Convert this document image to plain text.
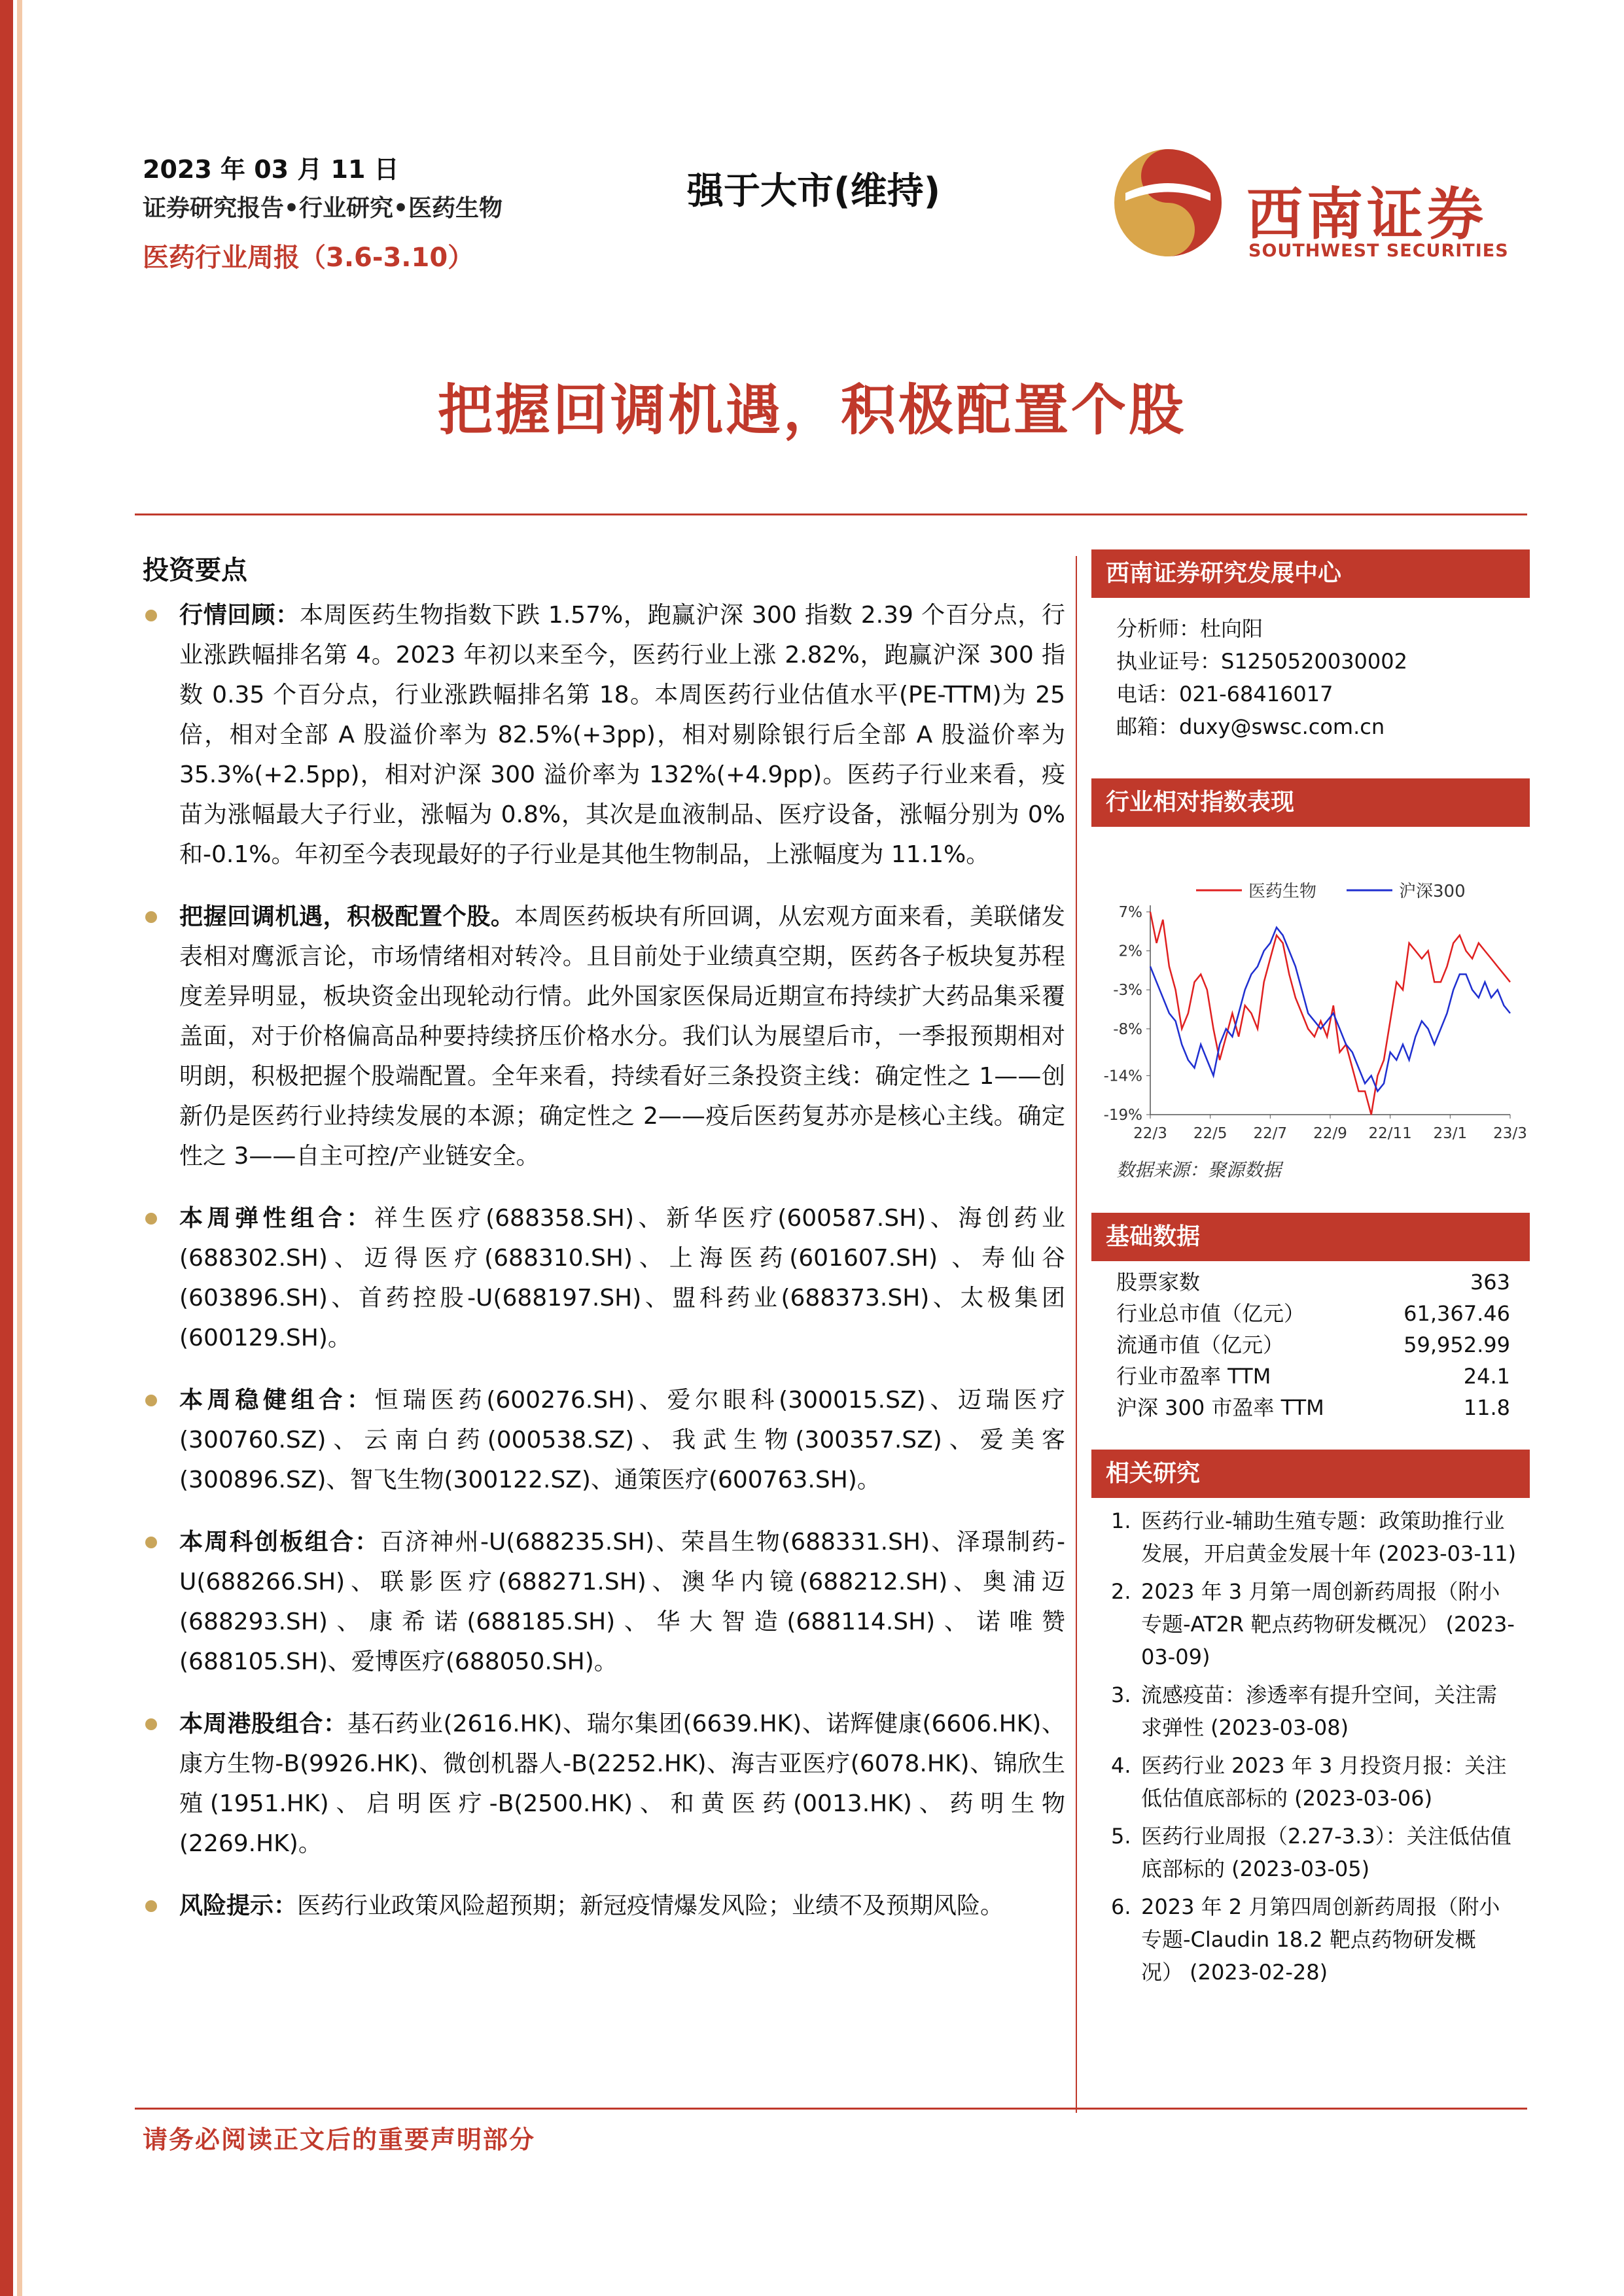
2023 年 03 月 11 日
证券研究报告•行业研究•医药生物
医药行业周报（3.6-3.10）
强于大市(维持)	西南证券
SOUTHWEST SECURITIES
把握回调机遇，积极配置个股
投资要点
行情回顾：本周医药生物指数下跌 1.57%，跑赢沪深 300 指数 2.39 个百分点，行业涨跌幅排名第 4。2023 年初以来至今，医药行业上涨 2.82%，跑赢沪深 300 指数 0.35 个百分点，行业涨跌幅排名第 18。本周医药行业估值水平(PE-TTM)为 25 倍，相对全部 A 股溢价率为 82.5%(+3pp)，相对剔除银行后全部 A 股溢价率为 35.3%(+2.5pp)，相对沪深 300 溢价率为 132%(+4.9pp)。医药子行业来看，疫苗为涨幅最大子行业，涨幅为 0.8%，其次是血液制品、医疗设备，涨幅分别为 0%和-0.1%。年初至今表现最好的子行业是其他生物制品，上涨幅度为 11.1%。
把握回调机遇，积极配置个股。本周医药板块有所回调，从宏观方面来看，美联储发表相对鹰派言论，市场情绪相对转冷。且目前处于业绩真空期，医药各子板块复苏程度差异明显，板块资金出现轮动行情。此外国家医保局近期宣布持续扩大药品集采覆盖面，对于价格偏高品种要持续挤压价格水分。我们认为展望后市，一季报预期相对明朗，积极把握个股端配置。全年来看，持续看好三条投资主线：确定性之 1——创新仍是医药行业持续发展的本源；确定性之 2——疫后医药复苏亦是核心主线。确定性之 3——自主可控/产业链安全。
本周弹性组合：祥生医疗(688358.SH)、新华医疗(600587.SH)、海创药业(688302.SH)、迈得医疗(688310.SH)、上海医药(601607.SH) 、寿仙谷(603896.SH)、首药控股-U(688197.SH)、盟科药业(688373.SH)、太极集团(600129.SH)。
本周稳健组合：恒瑞医药(600276.SH)、爱尔眼科(300015.SZ)、迈瑞医疗(300760.SZ)、云南白药(000538.SZ)、我武生物(300357.SZ)、爱美客(300896.SZ)、智飞生物(300122.SZ)、通策医疗(600763.SH)。
本周科创板组合：百济神州-U(688235.SH)、荣昌生物(688331.SH)、泽璟制药-U(688266.SH)、联影医疗(688271.SH)、澳华内镜(688212.SH)、奥浦迈(688293.SH)、康希诺(688185.SH)、华大智造(688114.SH)、诺唯赞(688105.SH)、爱博医疗(688050.SH)。
本周港股组合：基石药业(2616.HK)、瑞尔集团(6639.HK)、诺辉健康(6606.HK)、康方生物-B(9926.HK)、微创机器人-B(2252.HK)、海吉亚医疗(6078.HK)、锦欣生殖(1951.HK)、启明医疗-B(2500.HK)、和黄医药(0013.HK)、药明生物(2269.HK)。
风险提示：医药行业政策风险超预期；新冠疫情爆发风险；业绩不及预期风险。
西南证券研究发展中心
分析师：杜向阳
执业证号：S1250520030002
电话：021-68416017
邮箱：duxy@swsc.com.cn
行业相对指数表现
医药生物	沪深300
7%
2%
-3%
-8%
-14%
-19%
22/3 22/5 22/7 22/9 22/11 23/1 23/3
数据来源：聚源数据
基础数据
股票家数	363
行业总市值（亿元）	61,367.46
流通市值（亿元）	59,952.99
行业市盈率 TTM	24.1
沪深 300 市盈率 TTM	11.8
相关研究
1. 医药行业-辅助生殖专题：政策助推行业发展，开启黄金发展十年 (2023-03-11)
2. 2023 年 3 月第一周创新药周报（附小专题-AT2R 靶点药物研发概况） (2023-03-09)
3. 流感疫苗：渗透率有提升空间，关注需求弹性 (2023-03-08)
4. 医药行业 2023 年 3 月投资月报：关注低估值底部标的 (2023-03-06)
5. 医药行业周报（2.27-3.3）：关注低估值底部标的 (2023-03-05)
6. 2023 年 2 月第四周创新药周报（附小专题-Claudin 18.2 靶点药物研发概况） (2023-02-28)
请务必阅读正文后的重要声明部分
